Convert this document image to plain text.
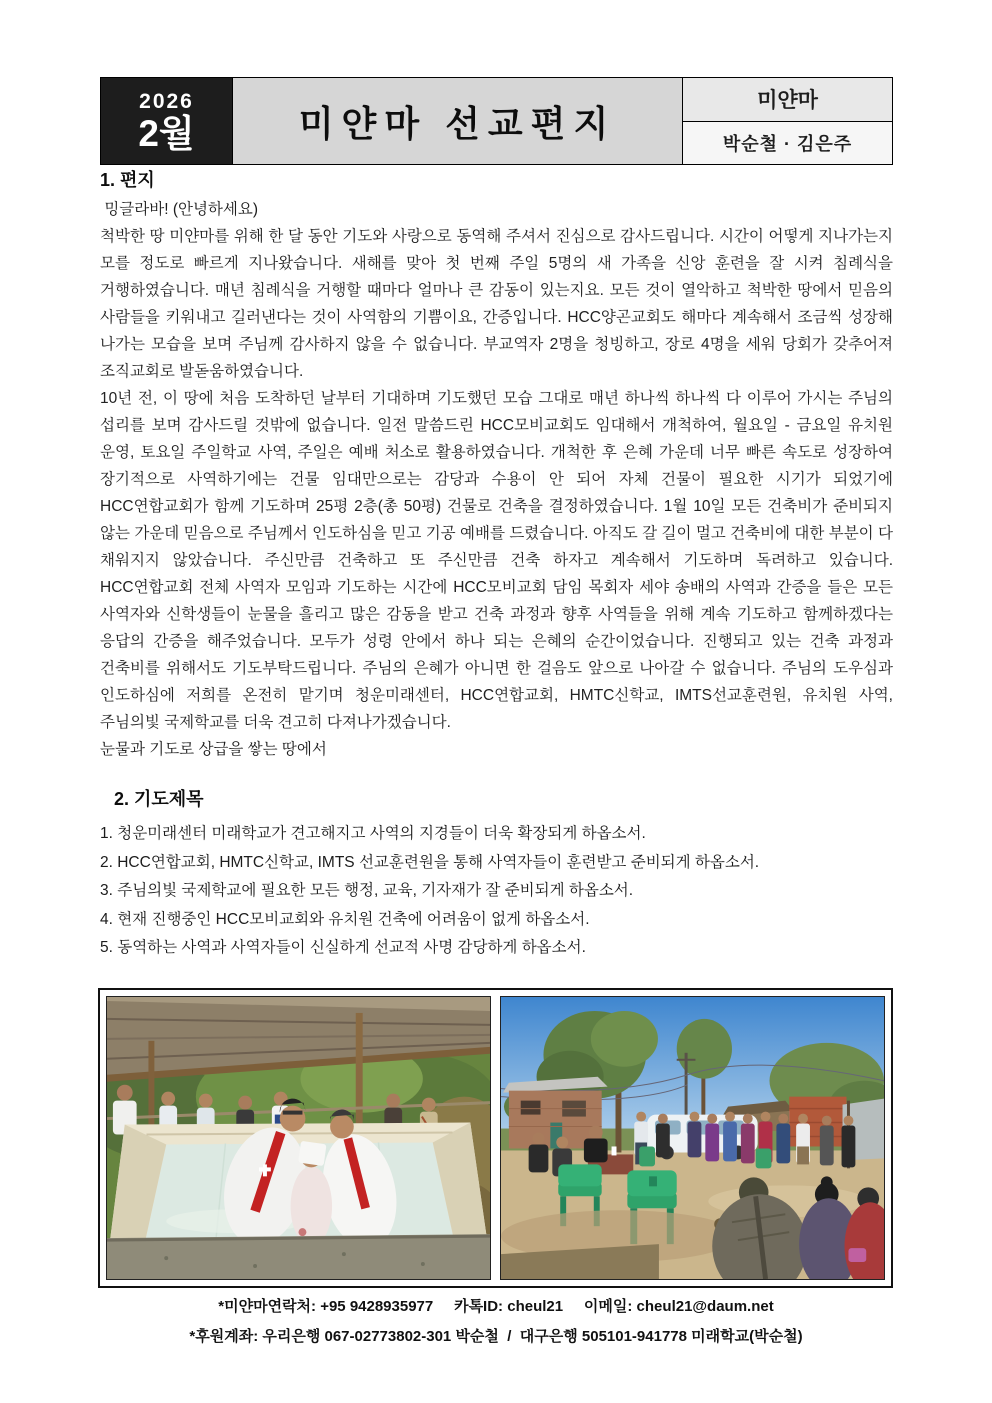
2026
2월	미얀마 선교편지
미얀마
박순철 · 김은주
1. 편지

밍글라바! (안녕하세요)

척박한 땅 미얀마를 위해 한 달 동안 기도와 사랑으로 동역해 주셔서 진심으로 감사드립니다. 시간이 어떻게 지나가는지 모를 정도로 빠르게 지나왔습니다. 새해를 맞아 첫 번째 주일 5명의 새 가족을 신앙 훈련을 잘 시켜 침례식을 거행하였습니다. 매년 침례식을 거행할 때마다 얼마나 큰 감동이 있는지요. 모든 것이 열악하고 척박한 땅에서 믿음의 사람들을 키워내고 길러낸다는 것이 사역함의 기쁨이요, 간증입니다. HCC양곤교회도 해마다 계속해서 조금씩 성장해 나가는 모습을 보며 주님께 감사하지 않을 수 없습니다. 부교역자 2명을 청빙하고, 장로 4명을 세워 당회가 갖추어져 조직교회로 발돋움하였습니다.

10년 전, 이 땅에 처음 도착하던 날부터 기대하며 기도했던 모습 그대로 매년 하나씩 하나씩 다 이루어 가시는 주님의 섭리를 보며 감사드릴 것밖에 없습니다. 일전 말씀드린 HCC모비교회도 임대해서 개척하여, 월요일 - 금요일 유치원 운영, 토요일 주일학교 사역, 주일은 예배 처소로 활용하였습니다. 개척한 후 은혜 가운데 너무 빠른 속도로 성장하여 장기적으로 사역하기에는 건물 임대만으로는 감당과 수용이 안 되어 자체 건물이 필요한 시기가 되었기에 HCC연합교회가 함께 기도하며 25평 2층(총 50평) 건물로 건축을 결정하였습니다. 1월 10일 모든 건축비가 준비되지 않는 가운데 믿음으로 주님께서 인도하심을 믿고 기공 예배를 드렸습니다. 아직도 갈 길이 멀고 건축비에 대한 부분이 다 채워지지 않았습니다. 주신만큼 건축하고 또 주신만큼 건축 하자고 계속해서 기도하며 독려하고 있습니다. HCC연합교회 전체 사역자 모임과 기도하는 시간에 HCC모비교회 담임 목회자 세야 송배의 사역과 간증을 들은 모든 사역자와 신학생들이 눈물을 흘리고 많은 감동을 받고 건축 과정과 향후 사역들을 위해 계속 기도하고 함께하겠다는 응답의 간증을 해주었습니다. 모두가 성령 안에서 하나 되는 은혜의 순간이었습니다. 진행되고 있는 건축 과정과 건축비를 위해서도 기도부탁드립니다. 주님의 은혜가 아니면 한 걸음도 앞으로 나아갈 수 없습니다. 주님의 도우심과 인도하심에 저희를 온전히 맡기며 청운미래센터, HCC연합교회, HMTC신학교, IMTS선교훈련원, 유치원 사역, 주님의빛 국제학교를 더욱 견고히 다져나가겠습니다.

눈물과 기도로 상급을 쌓는 땅에서

2. 기도제목
1. 청운미래센터 미래학교가 견고해지고 사역의 지경들이 더욱 확장되게 하옵소서.
2. HCC연합교회, HMTC신학교, IMTS 선교훈련원을 통해 사역자들이 훈련받고 준비되게 하옵소서.
3. 주님의빛 국제학교에 필요한 모든 행정, 교육, 기자재가 잘 준비되게 하옵소서.
4. 현재 진행중인 HCC모비교회와 유치원 건축에 어려움이 없게 하옵소서.
5. 동역하는 사역과 사역자들이 신실하게 선교적 사명 감당하게 하옵소서.
*미얀마연락처: +95 9428935977     카톡ID: cheul21     이메일: cheul21@daum.net
*후원계좌: 우리은행 067-02773802-301 박순철  /  대구은행 505101-941778 미래학교(박순철)
